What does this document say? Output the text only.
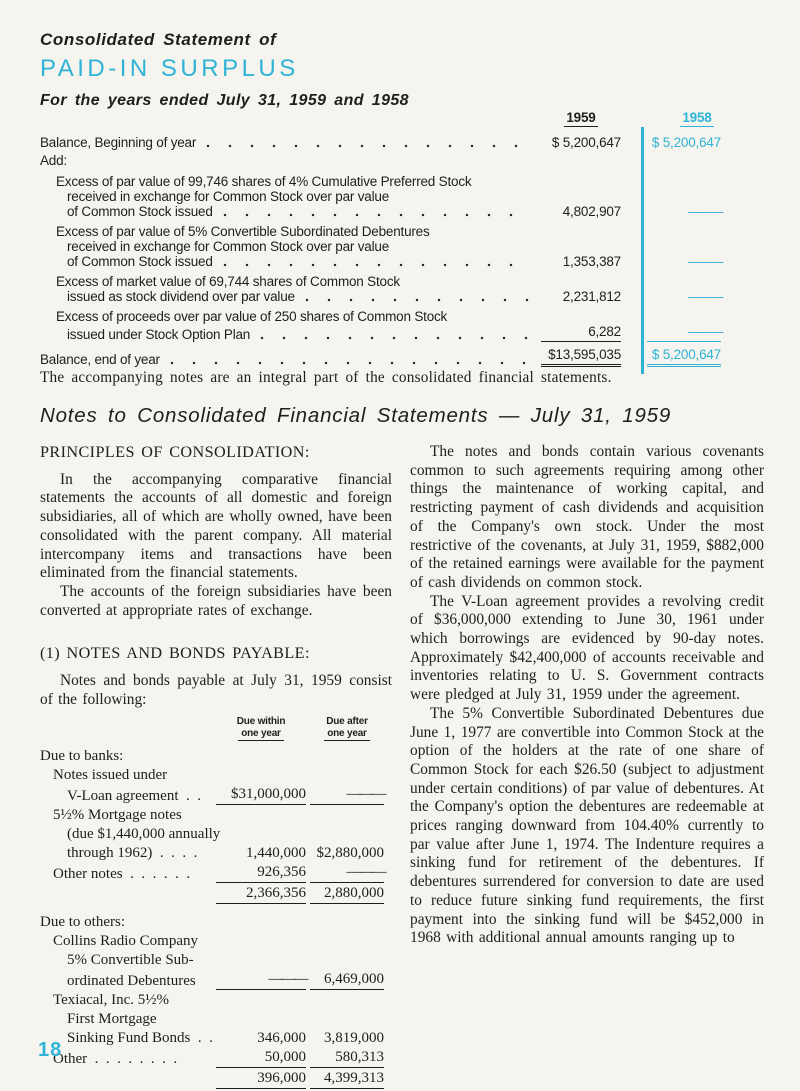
Consolidated Statement of
PAID-IN SURPLUS
For the years ended July 31, 1959 and 1958
1959	1958
Balance, Beginning of year	$ 5,200,647	$ 5,200,647
Add:
Excess of par value of 99,746 shares of 4% Cumulative Preferred Stock
received in exchange for Common Stock over par value
of Common Stock issued	4,802,907	———
Excess of par value of 5% Convertible Subordinated Debentures
received in exchange for Common Stock over par value
of Common Stock issued	1,353,387	———
Excess of market value of 69,744 shares of Common Stock
issued as stock dividend over par value	2,231,812	———
Excess of proceeds over par value of 250 shares of Common Stock
issued under Stock Option Plan	6,282	———
Balance, end of year	$13,595,035	$ 5,200,647
The accompanying notes are an integral part of the consolidated financial statements.
Notes to Consolidated Financial Statements — July 31, 1959
PRINCIPLES OF CONSOLIDATION:

In the accompanying comparative financial statements the accounts of all domestic and foreign subsidiaries, all of which are wholly owned, have been consolidated with the parent company. All material intercompany items and transactions have been eliminated from the financial statements.

The accounts of the foreign subsidiaries have been converted at appropriate rates of exchange.

(1) NOTES AND BONDS PAYABLE:

Notes and bonds payable at July 31, 1959 consist of the following:

Due within
one year
Due after
one year
Due to banks:
Notes issued under
V-Loan agreement  .  .	$31,000,000	———
5½% Mortgage notes
(due $1,440,000 annually
through 1962)  .  .  .  .	1,440,000 $2,880,000
Other notes  .  .  .  .  .  .	926,356	———
2,366,356	2,880,000
Due to others:
Collins Radio Company
5% Convertible Sub-
ordinated Debentures	———	6,469,000
Texiacal, Inc. 5½%
First Mortgage
Sinking Fund Bonds  .  .	346,000	3,819,000
Other  .  .  .  .  .  .  .  .	50,000	580,313
396,000	4,399,313

The notes and bonds contain various covenants common to such agreements requiring among other things the maintenance of working capital, and restricting payment of cash dividends and acquisition of the Company's own stock. Under the most restrictive of the covenants, at July 31, 1959, $882,000 of the retained earnings were available for the payment of cash dividends on common stock.

The V-Loan agreement provides a revolving credit of $36,000,000 extending to June 30, 1961 under which borrowings are evidenced by 90-day notes. Approximately $42,400,000 of accounts receivable and inventories relating to U. S. Government contracts were pledged at July 31, 1959 under the agreement.

The 5% Convertible Subordinated Debentures due June 1, 1977 are convertible into Common Stock at the option of the holders at the rate of one share of Common Stock for each $26.50 (subject to adjustment under certain conditions) of par value of debentures. At the Company's option the debentures are redeemable at prices ranging downward from 104.40% currently to par value after June 1, 1974. The Indenture requires a sinking fund for retirement of the debentures. If debentures surrendered for conversion to date are used to reduce future sinking fund requirements, the first payment into the sinking fund will be $452,000 in 1968 with additional annual amounts ranging up to

18
